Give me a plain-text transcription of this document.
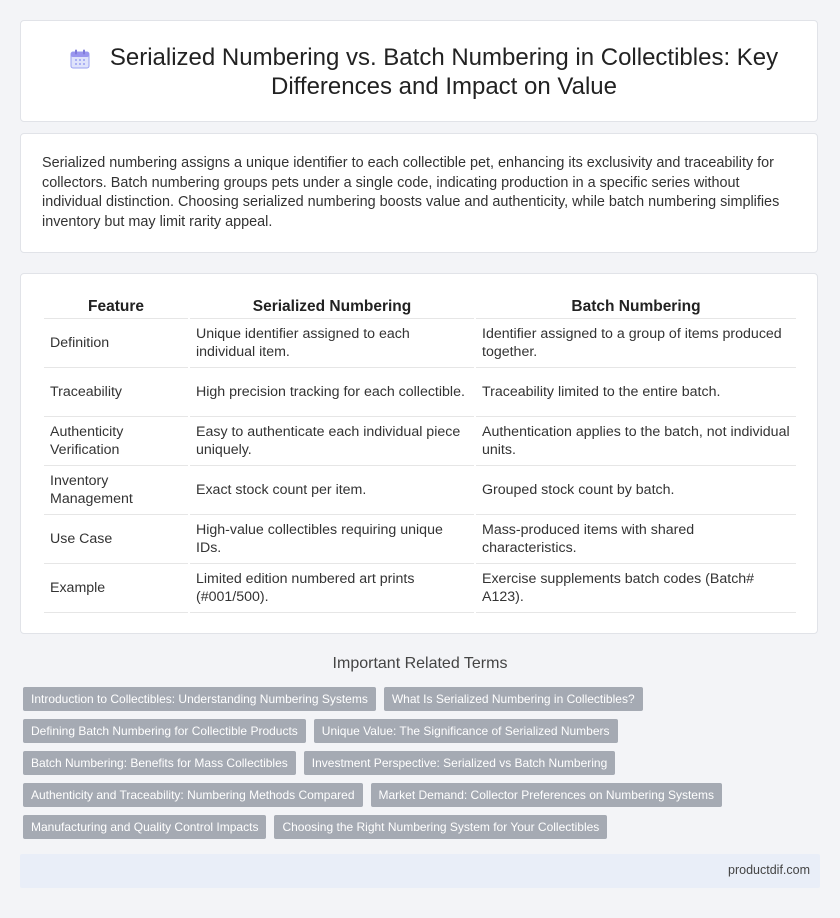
Serialized Numbering vs. Batch Numbering in Collectibles: Key Differences and Impact on Value

Serialized numbering assigns a unique identifier to each collectible pet, enhancing its exclusivity and traceability for collectors. Batch numbering groups pets under a single code, indicating production in a specific series without individual distinction. Choosing serialized numbering boosts value and authenticity, while batch numbering simplifies inventory but may limit rarity appeal.

Feature	Serialized Numbering	Batch Numbering
Definition	Unique identifier assigned to each individual item.	Identifier assigned to a group of items produced together.
Traceability	High precision tracking for each collectible.	Traceability limited to the entire batch.
Authenticity Verification	Easy to authenticate each individual piece uniquely.	Authentication applies to the batch, not individual units.
Inventory Management	Exact stock count per item.	Grouped stock count by batch.
Use Case	High-value collectibles requiring unique IDs.	Mass-produced items with shared characteristics.
Example	Limited edition numbered art prints (#001/500).	Exercise supplements batch codes (Batch# A123).
Important Related Terms
Introduction to Collectibles: Understanding Numbering Systems	What Is Serialized Numbering in Collectibles?
Defining Batch Numbering for Collectible Products	Unique Value: The Significance of Serialized Numbers
Batch Numbering: Benefits for Mass Collectibles	Investment Perspective: Serialized vs Batch Numbering
Authenticity and Traceability: Numbering Methods Compared	Market Demand: Collector Preferences on Numbering Systems
Manufacturing and Quality Control Impacts	Choosing the Right Numbering System for Your Collectibles
productdif.com
